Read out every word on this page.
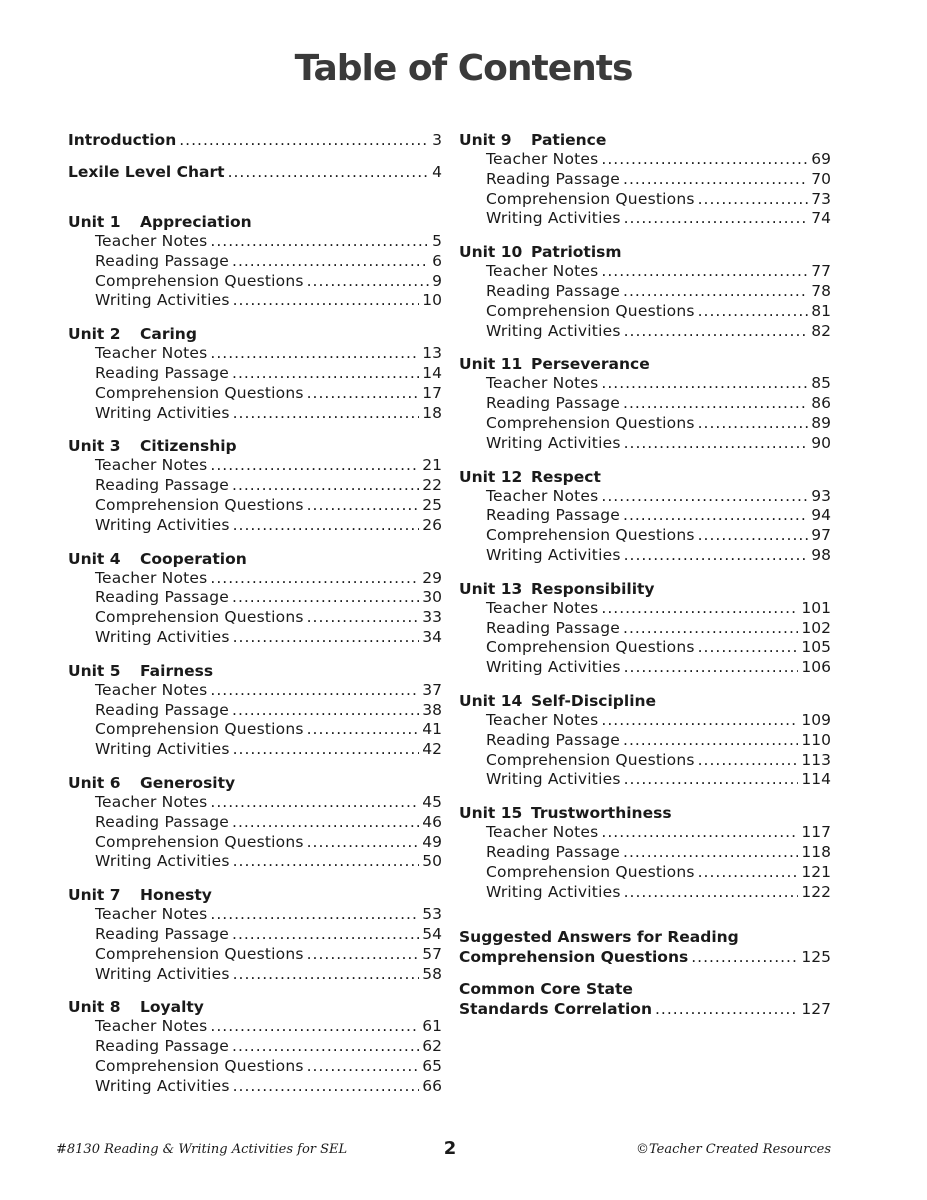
Table of Contents
Introduction .....	3
Lexile Level Chart .....	4
Unit 1	Appreciation
Teacher Notes .....	5
Reading Passage .....	6
Comprehension Questions .....	9
Writing Activities .....	10
Unit 2	Caring
Teacher Notes .....	13
Reading Passage .....	14
Comprehension Questions .....	17
Writing Activities .....	18
Unit 3	Citizenship
Teacher Notes .....	21
Reading Passage .....	22
Comprehension Questions .....	25
Writing Activities .....	26
Unit 4	Cooperation
Teacher Notes .....	29
Reading Passage .....	30
Comprehension Questions .....	33
Writing Activities .....	34
Unit 5	Fairness
Teacher Notes .....	37
Reading Passage .....	38
Comprehension Questions .....	41
Writing Activities .....	42
Unit 6	Generosity
Teacher Notes .....	45
Reading Passage .....	46
Comprehension Questions .....	49
Writing Activities .....	50
Unit 7	Honesty
Teacher Notes .....	53
Reading Passage .....	54
Comprehension Questions .....	57
Writing Activities .....	58
Unit 8	Loyalty
Teacher Notes .....	61
Reading Passage .....	62
Comprehension Questions .....	65
Writing Activities .....	66
Unit 9	Patience
Teacher Notes .....	69
Reading Passage .....	70
Comprehension Questions .....	73
Writing Activities .....	74
Unit 10 Patriotism
Teacher Notes .....	77
Reading Passage .....	78
Comprehension Questions .....	81
Writing Activities .....	82
Unit 11 Perseverance
Teacher Notes .....	85
Reading Passage .....	86
Comprehension Questions .....	89
Writing Activities .....	90
Unit 12 Respect
Teacher Notes .....	93
Reading Passage .....	94
Comprehension Questions .....	97
Writing Activities .....	98
Unit 13 Responsibility
Teacher Notes .....	101
Reading Passage .....	102
Comprehension Questions .....	105
Writing Activities .....	106
Unit 14 Self-Discipline
Teacher Notes .....	109
Reading Passage .....	110
Comprehension Questions .....	113
Writing Activities .....	114
Unit 15 Trustworthiness
Teacher Notes .....	117
Reading Passage .....	118
Comprehension Questions .....	121
Writing Activities .....	122
Suggested Answers for Reading
Comprehension Questions .....	125
Common Core State
Standards Correlation .....	127
#8130 Reading & Writing Activities for SEL	2	©Teacher Created Resources
